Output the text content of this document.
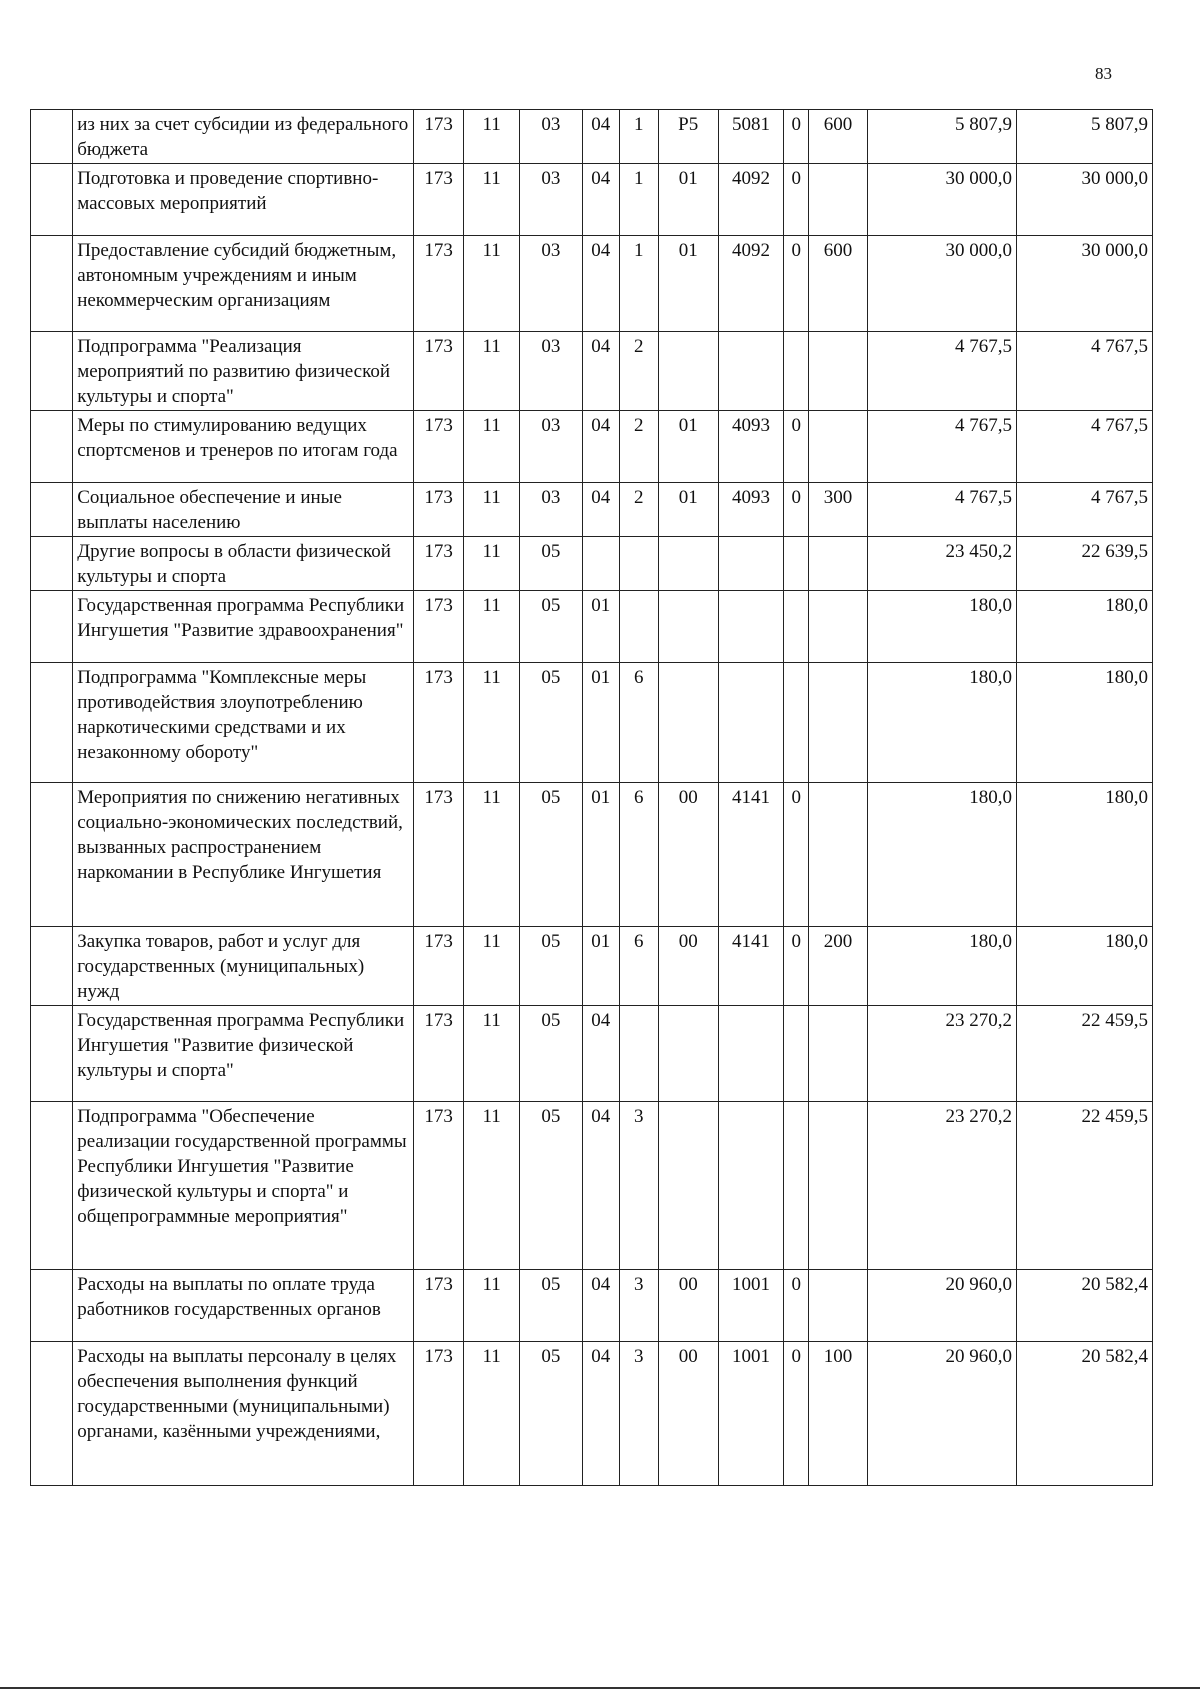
83
	из них за счет субсидии из федерального бюджета	173	11	03	04	1	Р5	5081	0	600	5 807,9	5 807,9
	Подготовка и проведение спортивно-массовых мероприятий	173	11	03	04	1	01	4092	0		30 000,0	30 000,0
	Предоставление субсидий бюджетным, автономным учреждениям и иным некоммерческим организациям	173	11	03	04	1	01	4092	0	600	30 000,0	30 000,0
	Подпрограмма "Реализация мероприятий по развитию физической культуры и спорта"	173	11	03	04	2					4 767,5	4 767,5
	Меры по стимулированию ведущих спортсменов и тренеров по итогам года	173	11	03	04	2	01	4093	0		4 767,5	4 767,5
	Социальное обеспечение и иные выплаты населению	173	11	03	04	2	01	4093	0	300	4 767,5	4 767,5
	Другие вопросы в области физической культуры и спорта	173	11	05							23 450,2	22 639,5
	Государственная программа Республики Ингушетия "Развитие здравоохранения"	173	11	05	01						180,0	180,0
	Подпрограмма "Комплексные меры противодействия злоупотреблению наркотическими средствами и их незаконному обороту"	173	11	05	01	6					180,0	180,0
	Мероприятия по снижению негативных социально-экономических последствий, вызванных распространением наркомании в Республике Ингушетия	173	11	05	01	6	00	4141	0		180,0	180,0
	Закупка товаров, работ и услуг для государственных (муниципальных) нужд	173	11	05	01	6	00	4141	0	200	180,0	180,0
	Государственная программа Республики Ингушетия "Развитие физической культуры и спорта"	173	11	05	04						23 270,2	22 459,5
	Подпрограмма "Обеспечение реализации государственной программы Республики Ингушетия "Развитие физической культуры и спорта" и общепрограммные мероприятия"	173	11	05	04	3					23 270,2	22 459,5
	Расходы на выплаты по оплате труда работников государственных органов	173	11	05	04	3	00	1001	0		20 960,0	20 582,4
	Расходы на выплаты персоналу в целях обеспечения выполнения функций государственными (муниципальными) органами, казёнными учреждениями,	173	11	05	04	3	00	1001	0	100	20 960,0	20 582,4
